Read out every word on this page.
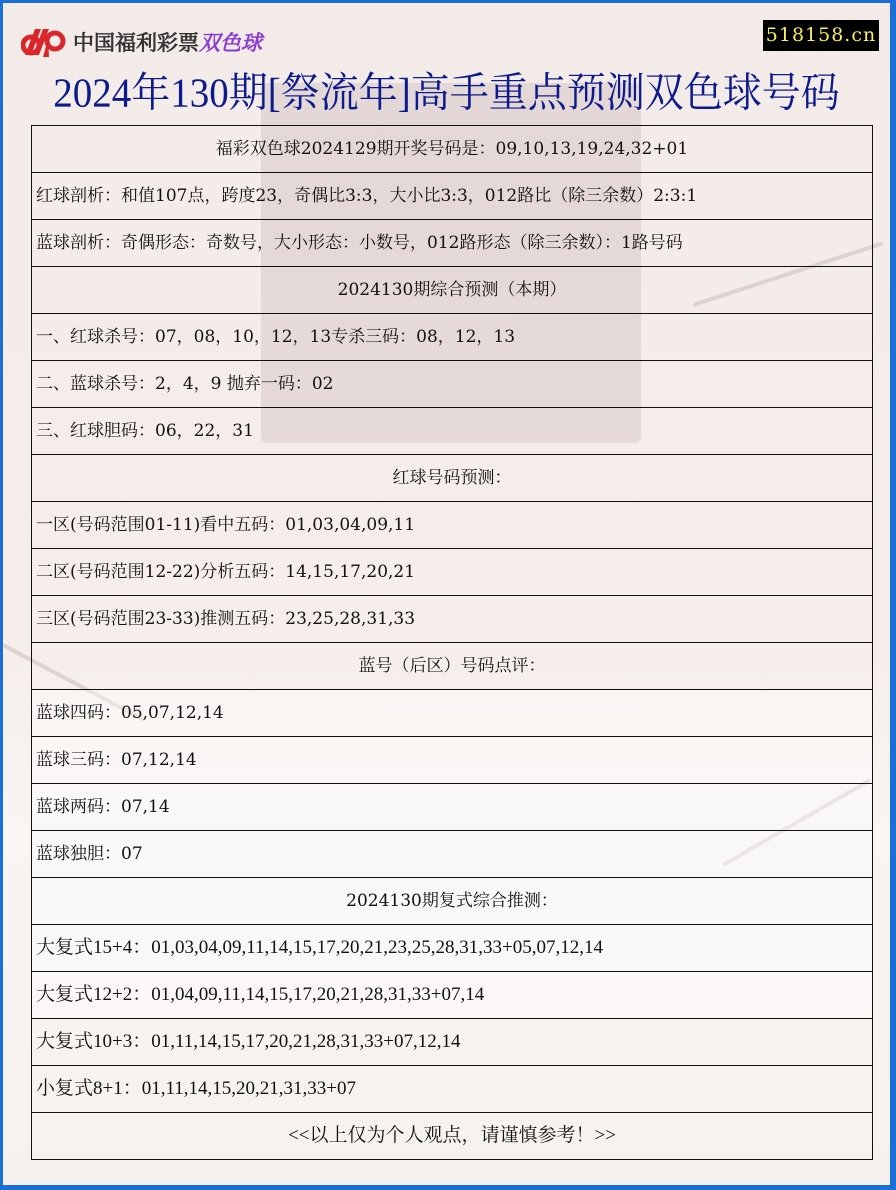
中国福利彩票 双色球	518158.cn
2024年130期[祭流年]高手重点预测双色球号码
福彩双色球2024129期开奖号码是：09,10,13,19,24,32+01
红球剖析：和值107点，跨度23，奇偶比3:3，大小比3:3，012路比（除三余数）2:3:1
蓝球剖析：奇偶形态：奇数号，大小形态：小数号，012路形态（除三余数）：1路号码
2024130期综合预测（本期）
一、红球杀号：07，08，10，12，13专杀三码：08，12，13
二、蓝球杀号：2，4，9 抛弃一码：02
三、红球胆码：06，22，31
红球号码预测：
一区(号码范围01-11)看中五码：01,03,04,09,11
二区(号码范围12-22)分析五码：14,15,17,20,21
三区(号码范围23-33)推测五码：23,25,28,31,33
蓝号（后区）号码点评：
蓝球四码：05,07,12,14
蓝球三码：07,12,14
蓝球两码：07,14
蓝球独胆：07
2024130期复式综合推测：
大复式15+4：01,03,04,09,11,14,15,17,20,21,23,25,28,31,33+05,07,12,14
大复式12+2：01,04,09,11,14,15,17,20,21,28,31,33+07,14
大复式10+3：01,11,14,15,17,20,21,28,31,33+07,12,14
小复式8+1：01,11,14,15,20,21,31,33+07
<<以上仅为个人观点，请谨慎参考！>>
